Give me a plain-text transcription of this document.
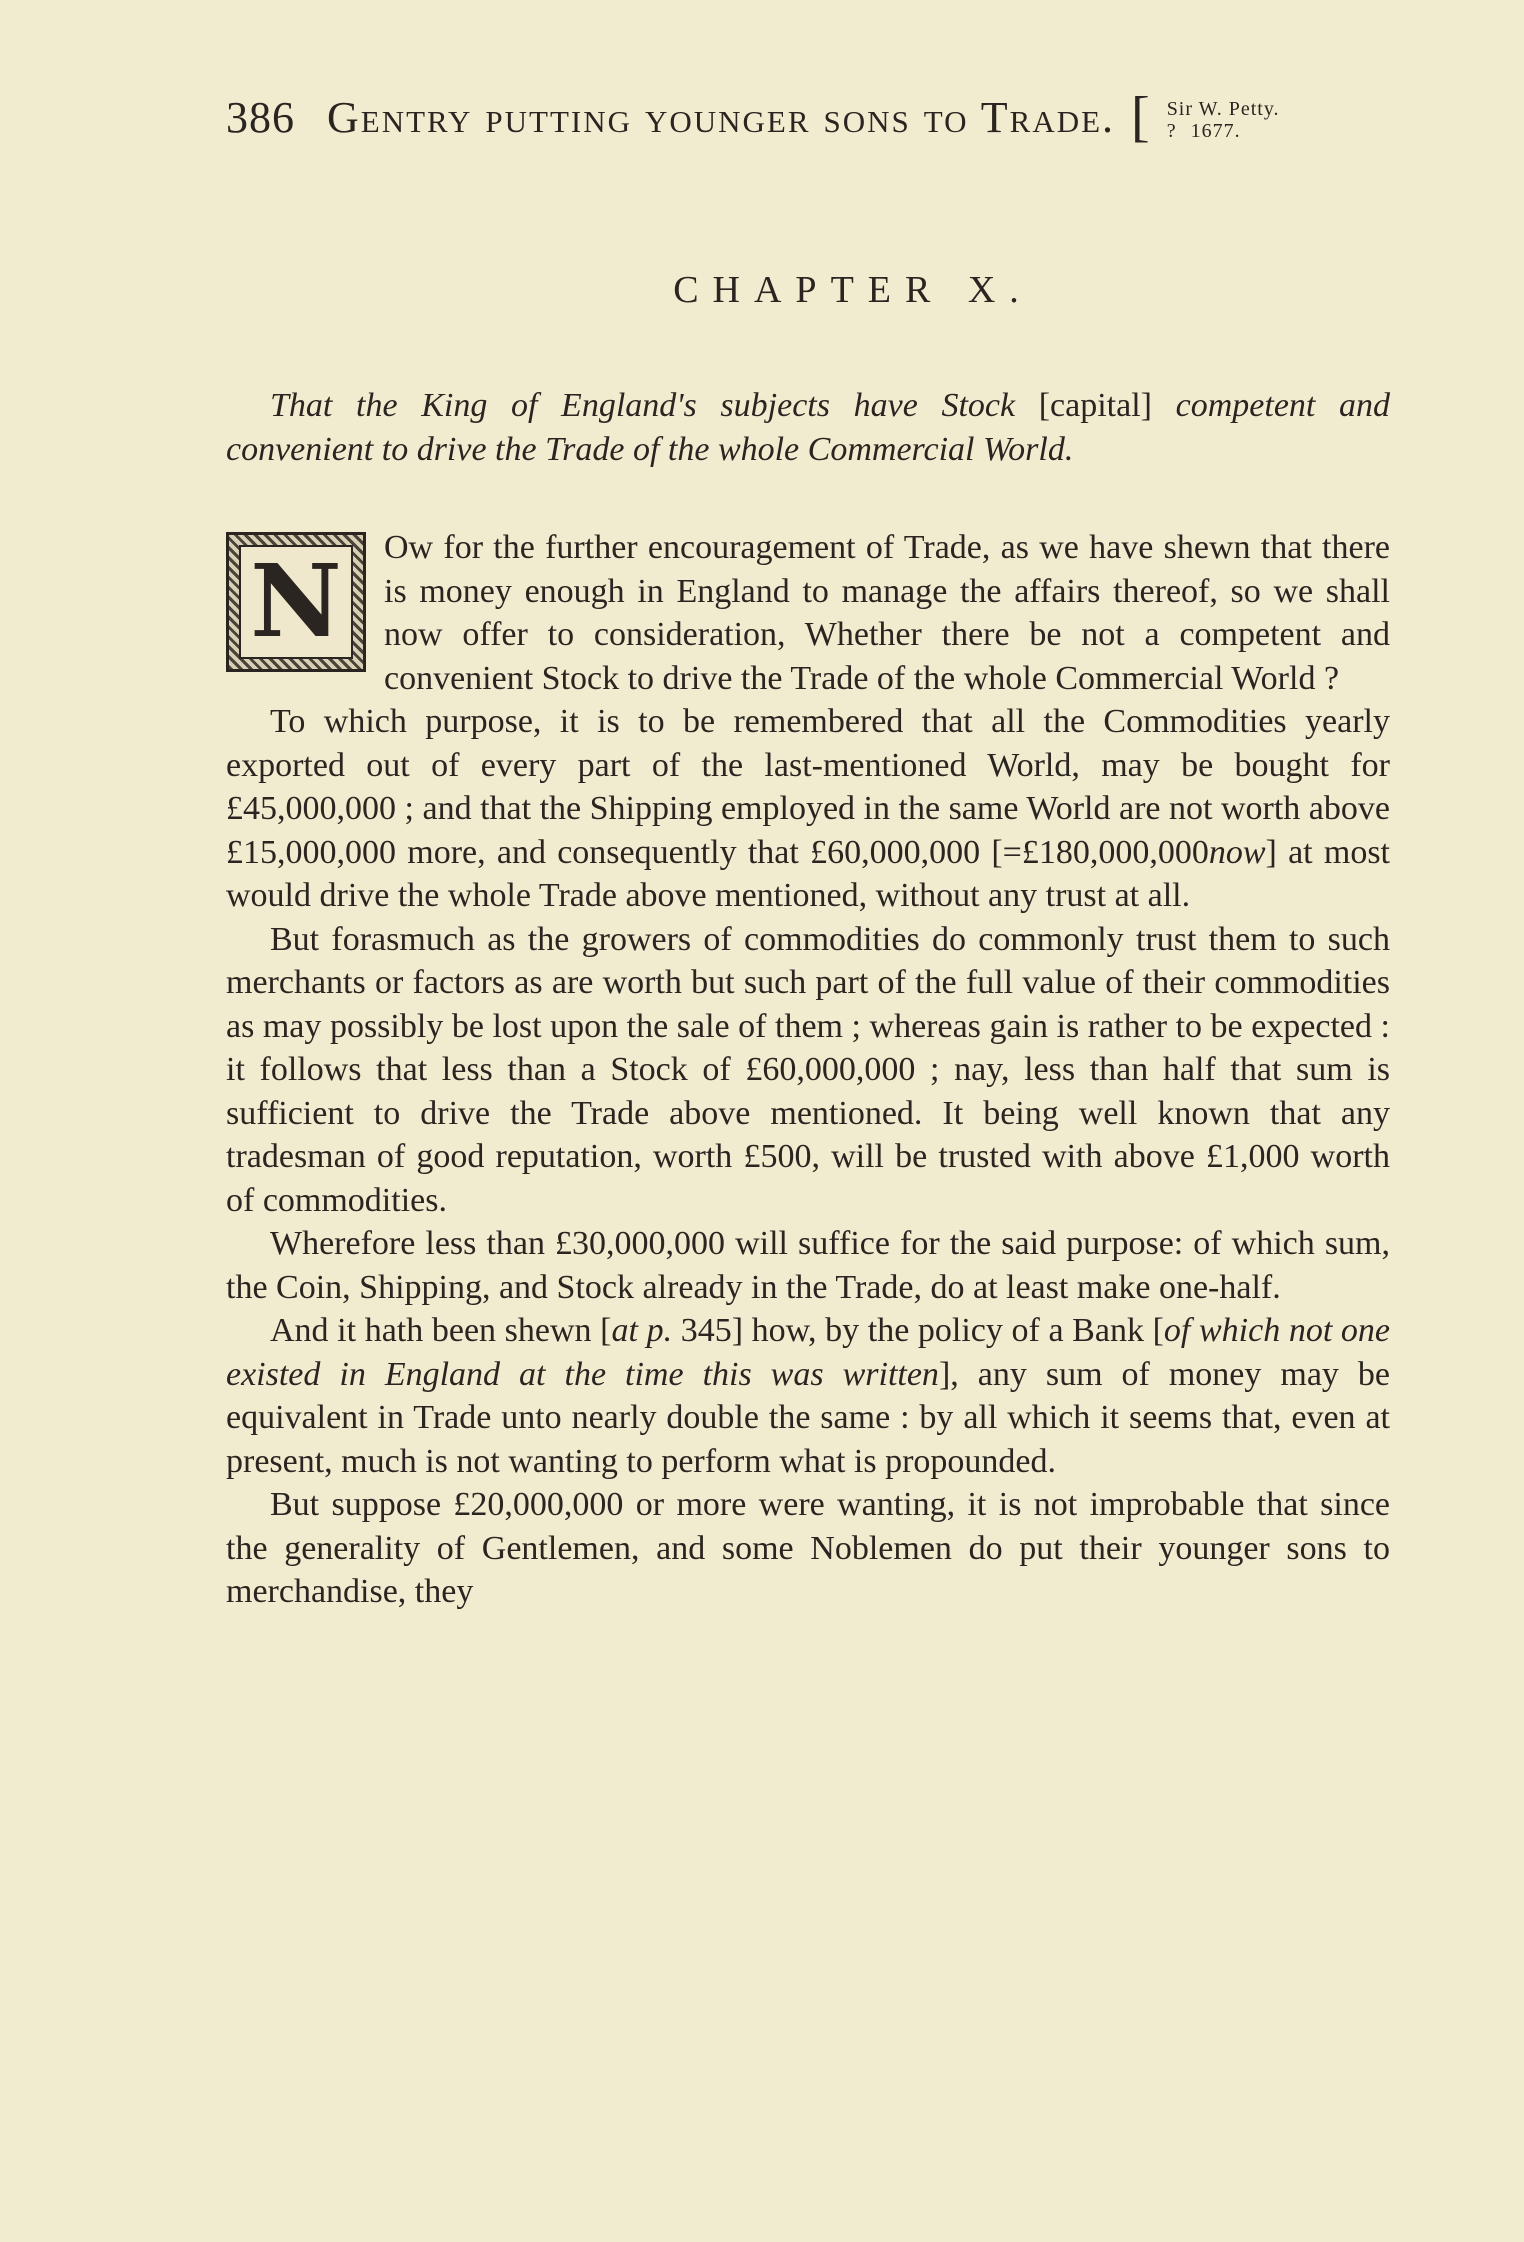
386 Gentry putting younger sons to Trade. [ Sir W. Petty.
? 1677.
CHAPTER X.
That the King of England's subjects have Stock [capital] competent and convenient to drive the Trade of the whole Commercial World.

N	Ow for the further encouragement of Trade, as we have shewn that there is money enough in England to manage the affairs thereof, so we shall now offer to consideration, Whether there be not a competent and convenient Stock to drive the Trade of the whole Commercial World ?

To which purpose, it is to be remembered that all the Commodities yearly exported out of every part of the last-mentioned World, may be bought for £45,000,000 ; and that the Shipping employed in the same World are not worth above £15,000,000 more, and consequently that £60,000,000 [=£180,000,000now] at most would drive the whole Trade above mentioned, without any trust at all.

But forasmuch as the growers of commodities do commonly trust them to such merchants or factors as are worth but such part of the full value of their commodities as may possibly be lost upon the sale of them ; whereas gain is rather to be expected : it follows that less than a Stock of £60,000,000 ; nay, less than half that sum is sufficient to drive the Trade above mentioned. It being well known that any tradesman of good reputation, worth £500, will be trusted with above £1,000 worth of commodities.

Wherefore less than £30,000,000 will suffice for the said purpose: of which sum, the Coin, Shipping, and Stock already in the Trade, do at least make one-half.

And it hath been shewn [at p. 345] how, by the policy of a Bank [of which not one existed in England at the time this was written], any sum of money may be equivalent in Trade unto nearly double the same : by all which it seems that, even at present, much is not wanting to perform what is propounded.

But suppose £20,000,000 or more were wanting, it is not improbable that since the generality of Gentlemen, and some Noblemen do put their younger sons to merchandise, they
